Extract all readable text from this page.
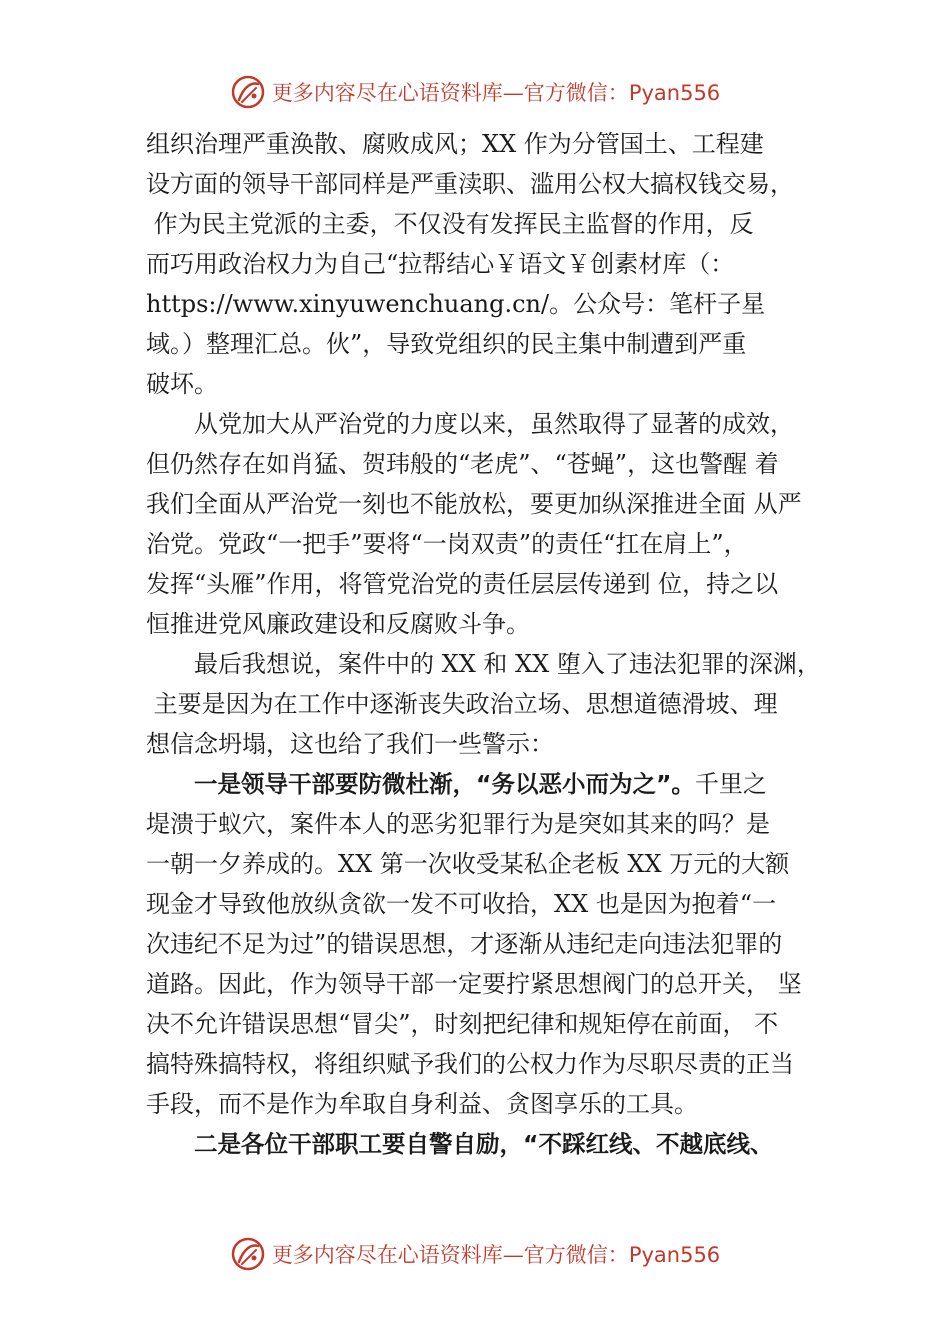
更多内容尽在心语资料库—官方微信：Pyan556
组织治理严重涣散、腐败成风；XX 作为分管国土、工程建
设方面的领导干部同样是严重渎职、滥用公权大搞权钱交易，
作为民主党派的主委，不仅没有发挥民主监督的作用，反
而巧用政治权力为自己“拉帮结心￥语文￥创素材库（：
https://www.xinyuwenchuang.cn/。公众号：笔杆子星
域。）整理汇总。伙”，导致党组织的民主集中制遭到严重
破坏。
从党加大从严治党的力度以来，虽然取得了显著的成效，
但仍然存在如肖猛、贺玮般的“老虎”、“苍蝇”，这也警醒 着
我们全面从严治党一刻也不能放松，要更加纵深推进全面 从严
治党。党政“一把手”要将“一岗双责”的责任“扛在肩上”，
发挥“头雁”作用，将管党治党的责任层层传递到 位，持之以
恒推进党风廉政建设和反腐败斗争。
最后我想说，案件中的 XX 和 XX 堕入了违法犯罪的深渊，
主要是因为在工作中逐渐丧失政治立场、思想道德滑坡、理
想信念坍塌，这也给了我们一些警示：
一是领导干部要防微杜渐，“务以恶小而为之”。千里之
堤溃于蚁穴，案件本人的恶劣犯罪行为是突如其来的吗？是
一朝一夕养成的。XX 第一次收受某私企老板 XX 万元的大额
现金才导致他放纵贪欲一发不可收拾，XX 也是因为抱着“一
次违纪不足为过”的错误思想，才逐渐从违纪走向违法犯罪的
道路。因此，作为领导干部一定要拧紧思想阀门的总开关， 坚
决不允许错误思想“冒尖”，时刻把纪律和规矩停在前面， 不
搞特殊搞特权，将组织赋予我们的公权力作为尽职尽责的正当
手段，而不是作为牟取自身利益、贪图享乐的工具。
二是各位干部职工要自警自励，“不踩红线、不越底线、
更多内容尽在心语资料库—官方微信：Pyan556
